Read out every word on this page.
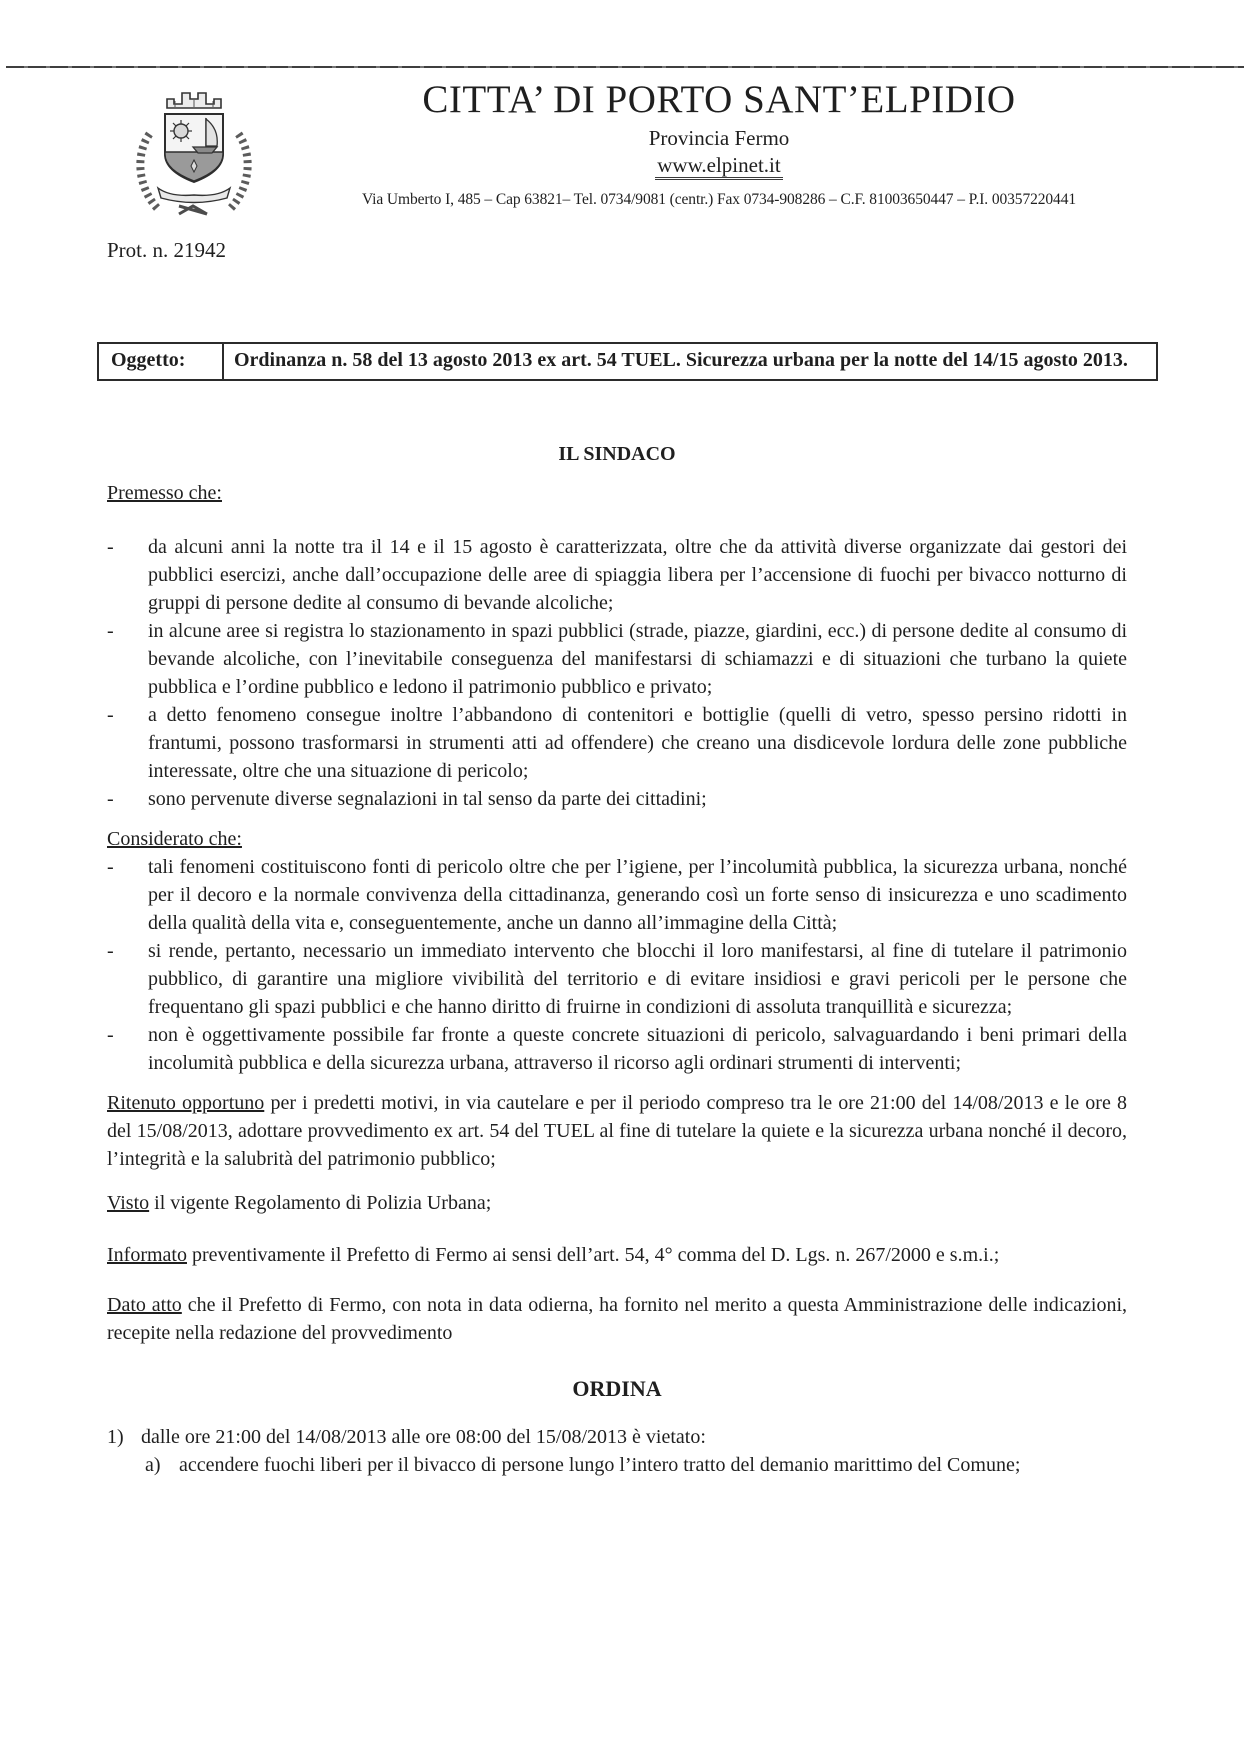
CITTA’ DI PORTO SANT’ELPIDIO
Provincia Fermo
www.elpinet.it
Via Umberto I, 485 – Cap 63821– Tel. 0734/9081 (centr.) Fax 0734-908286 – C.F. 81003650447 – P.I. 00357220441
Prot. n. 21942
Oggetto:	Ordinanza n. 58 del 13 agosto 2013 ex art. 54 TUEL. Sicurezza urbana per la notte del 14/15 agosto 2013.
IL SINDACO
Premesso che:
-	da alcuni anni la notte tra il 14 e il 15 agosto è caratterizzata, oltre che da attività diverse organizzate dai gestori dei pubblici esercizi, anche dall’occupazione delle aree di spiaggia libera per l’accensione di fuochi per bivacco notturno di gruppi di persone dedite al consumo di bevande alcoliche;
-	in alcune aree si registra lo stazionamento in spazi pubblici (strade, piazze, giardini, ecc.) di persone dedite al consumo di bevande alcoliche, con l’inevitabile conseguenza del manifestarsi di schiamazzi e di situazioni che turbano la quiete pubblica e l’ordine pubblico e ledono il patrimonio pubblico e privato;
-	a detto fenomeno consegue inoltre l’abbandono di contenitori e bottiglie (quelli di vetro, spesso persino ridotti in frantumi, possono trasformarsi in strumenti atti ad offendere) che creano una disdicevole lordura delle zone pubbliche interessate, oltre che una situazione di pericolo;
-	sono pervenute diverse segnalazioni in tal senso da parte dei cittadini;
Considerato che:
-	tali fenomeni costituiscono fonti di pericolo oltre che per l’igiene, per l’incolumità pubblica, la sicurezza urbana, nonché per il decoro e la normale convivenza della cittadinanza, generando così un forte senso di insicurezza e uno scadimento della qualità della vita e, conseguentemente, anche un danno all’immagine della Città;
-	si rende, pertanto, necessario un immediato intervento che blocchi il loro manifestarsi, al fine di tutelare il patrimonio pubblico, di garantire una migliore vivibilità del territorio e di evitare insidiosi e gravi pericoli per le persone che frequentano gli spazi pubblici e che hanno diritto di fruirne in condizioni di assoluta tranquillità e sicurezza;
-	non è oggettivamente possibile far fronte a queste concrete situazioni di pericolo, salvaguardando i beni primari della incolumità pubblica e della sicurezza urbana, attraverso il ricorso agli ordinari strumenti di interventi;

Ritenuto opportuno per i predetti motivi, in via cautelare e per il periodo compreso tra le ore 21:00 del 14/08/2013 e le ore 8 del 15/08/2013, adottare provvedimento ex art. 54 del TUEL al fine di tutelare la quiete e la sicurezza urbana nonché il decoro, l’integrità e la salubrità del patrimonio pubblico;

Visto il vigente Regolamento di Polizia Urbana;

Informato preventivamente il Prefetto di Fermo ai sensi dell’art. 54, 4° comma del D. Lgs. n. 267/2000 e s.m.i.;

Dato atto che il Prefetto di Fermo, con nota in data odierna, ha fornito nel merito a questa Amministrazione delle indicazioni, recepite nella redazione del provvedimento

ORDINA
1) dalle ore 21:00 del 14/08/2013 alle ore 08:00 del 15/08/2013 è vietato:
a) accendere fuochi liberi per il bivacco di persone lungo l’intero tratto del demanio marittimo del Comune;
